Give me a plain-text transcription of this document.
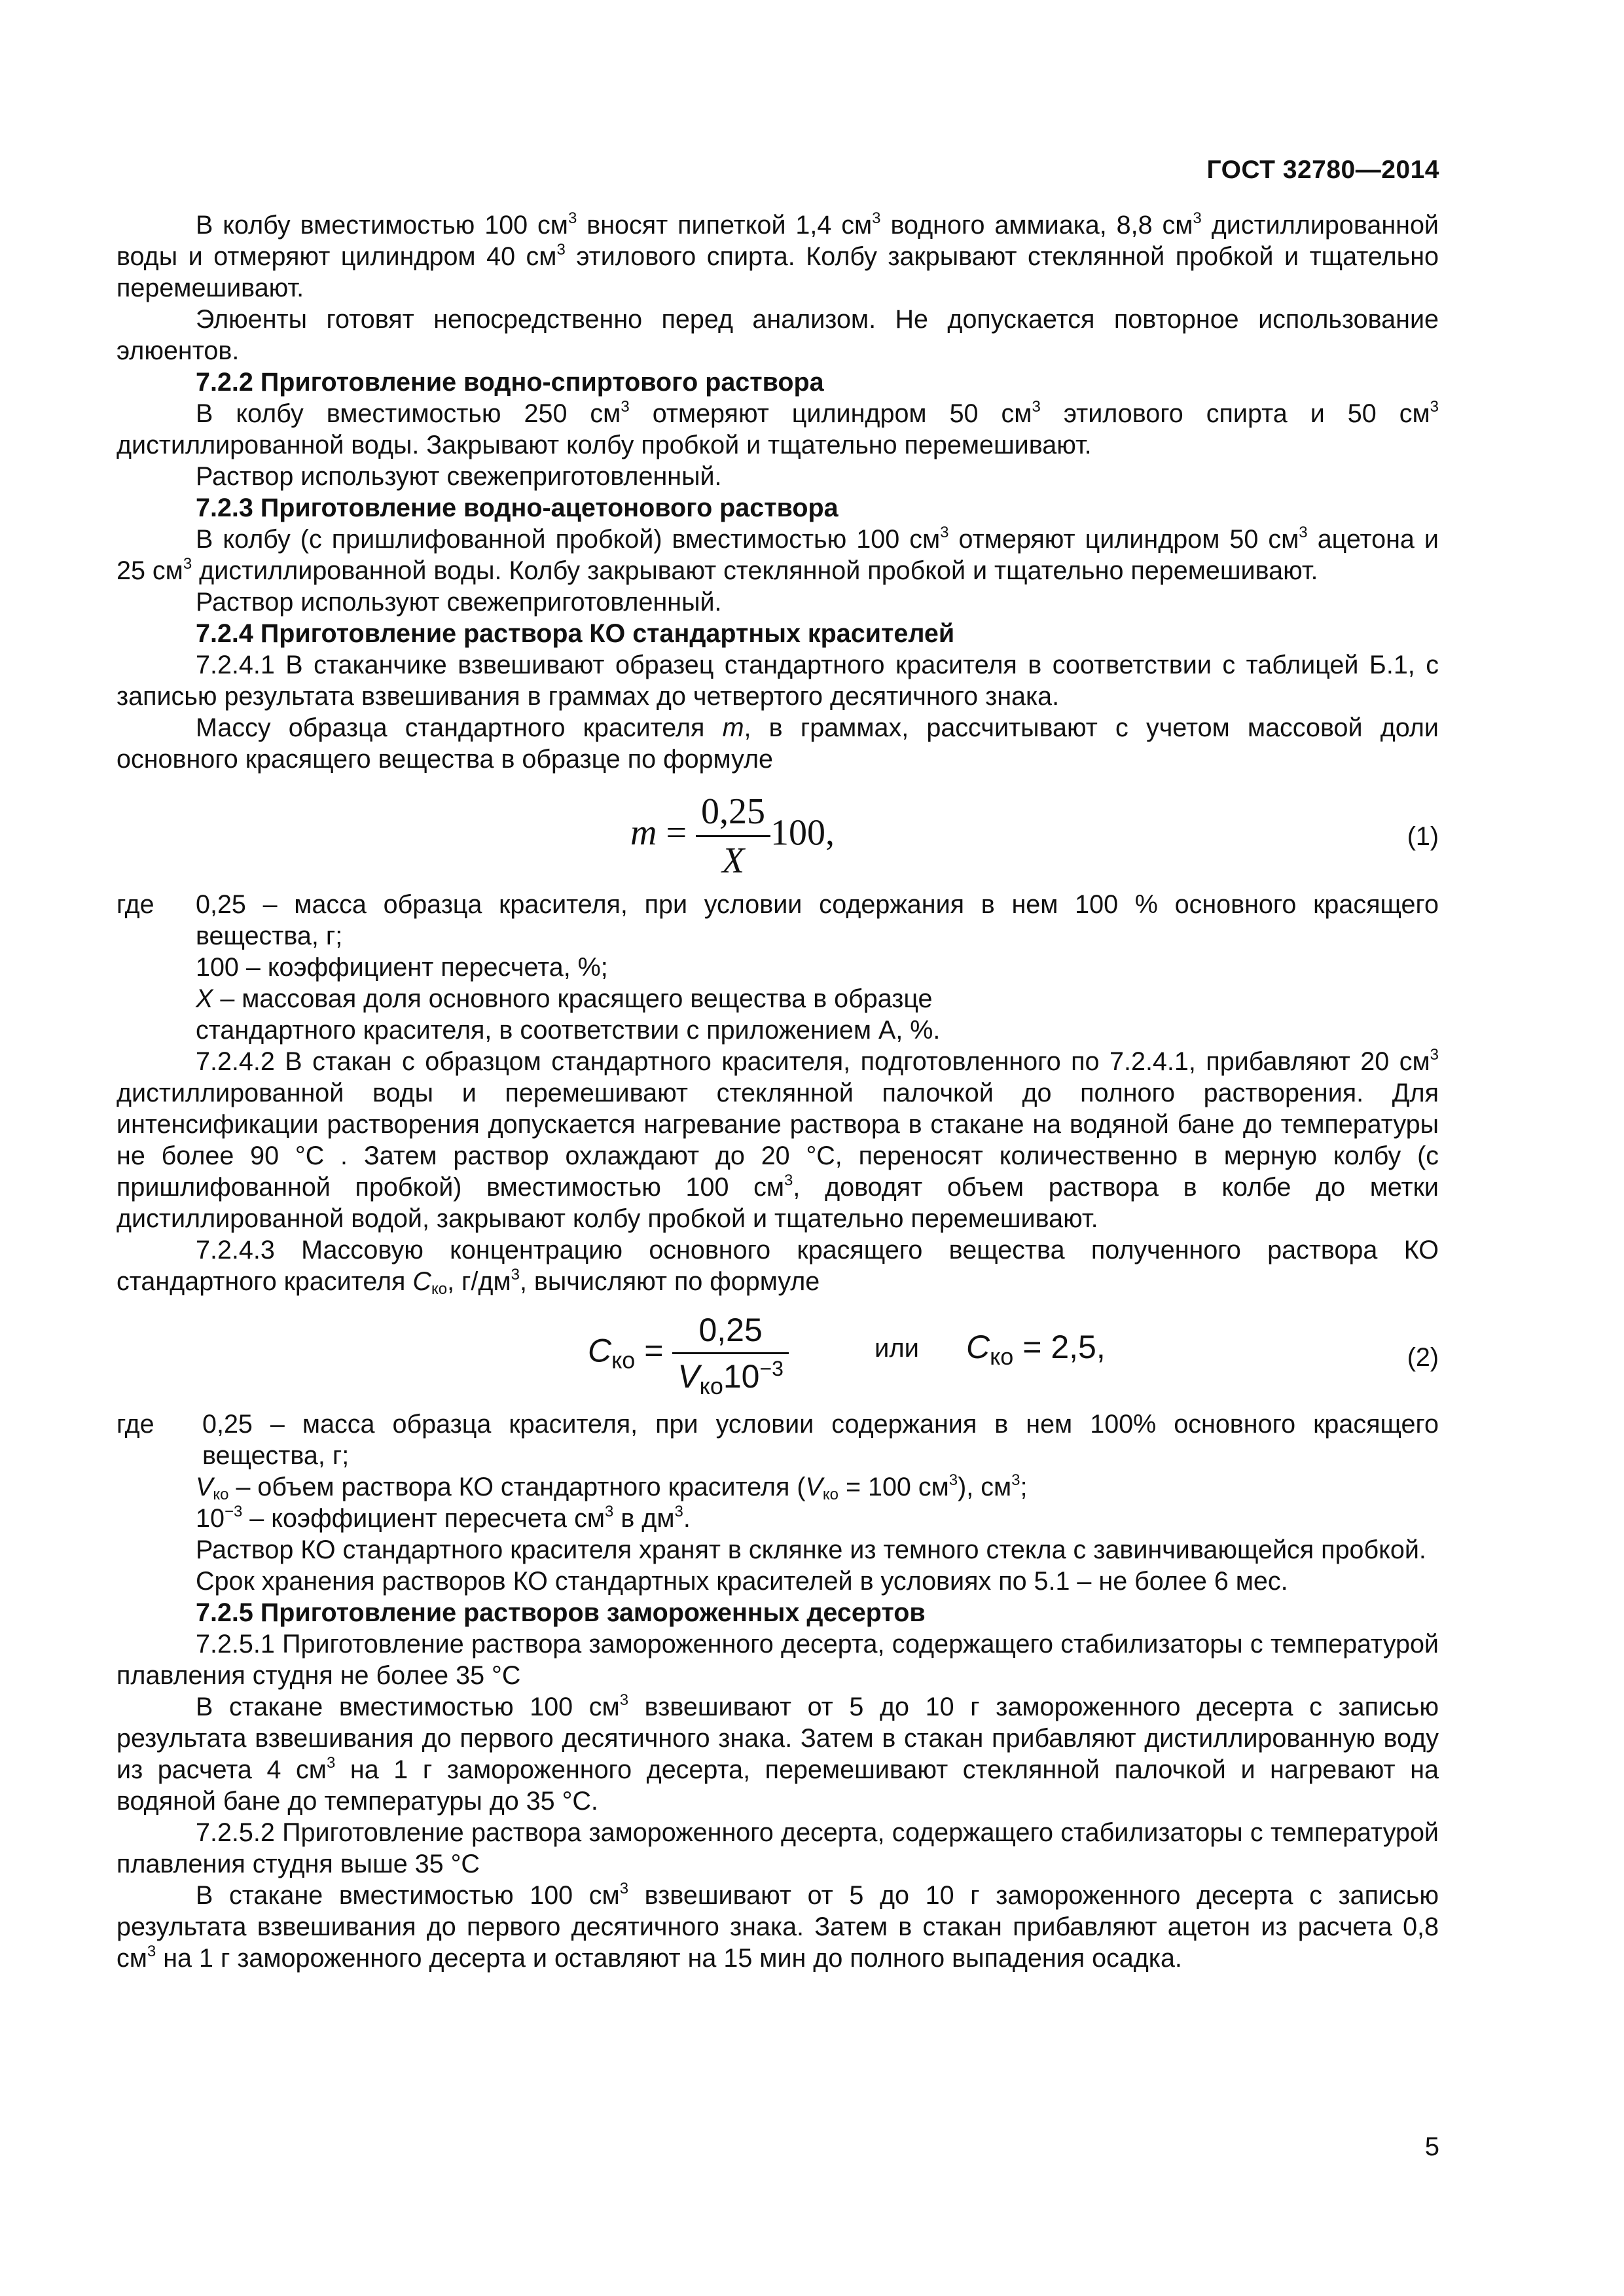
ГОСТ 32780—2014

В колбу вместимостью 100 $см^3$ вносят пипеткой 1,4 $см^3$ водного аммиака, 8,8 $см^3$ дистиллированной воды и отмеряют цилиндром 40 $см^3$ этилового спирта. Колбу закрывают стеклянной пробкой и тщательно перемешивают.

Элюенты готовят непосредственно перед анализом. Не допускается повторное использование элюентов.

7.2.2 Приготовление водно-спиртового раствора

В колбу вместимостью 250 $см^3$ отмеряют цилиндром 50 $см^3$ этилового спирта и 50 $см^3$ дистиллированной воды. Закрывают колбу пробкой и тщательно перемешивают.

Раствор используют свежеприготовленный.

7.2.3 Приготовление водно-ацетонового раствора

В колбу (с пришлифованной пробкой) вместимостью 100 $см^3$ отмеряют цилиндром 50 $см^3$ ацетона и 25 $см^3$ дистиллированной воды. Колбу закрывают стеклянной пробкой и тщательно перемешивают.

Раствор используют свежеприготовленный.

7.2.4 Приготовление раствора КО стандартных красителей

7.2.4.1 В стаканчике взвешивают образец стандартного красителя в соответствии с таблицей Б.1, с записью результата взвешивания в граммах до четвертого десятичного знака.

Массу образца стандартного красителя m, в граммах, рассчитывают с учетом массовой доли основного красящего вещества в образце по формуле

$m = \frac{0,25}{X} 100$,	(1)
где	0,25 – масса образца красителя, при условии содержания в нем 100 % основного красящего вещества, г;

100 – коэффициент пересчета, %;

X – массовая доля основного красящего вещества в образце

стандартного красителя, в соответствии с приложением А, %.

7.2.4.2 В стакан с образцом стандартного красителя, подготовленного по 7.2.4.1, прибавляют 20 $см^3$ дистиллированной воды и перемешивают стеклянной палочкой до полного растворения. Для интенсификации растворения допускается нагревание раствора в стакане на водяной бане до температуры не более 90 °С . Затем раствор охлаждают до 20 °С, переносят количественно в мерную колбу (с пришлифованной пробкой) вместимостью 100 $см^3$, доводят объем раствора в колбе до метки дистиллированной водой, закрывают колбу пробкой и тщательно перемешивают.

7.2.4.3 Массовую концентрацию основного красящего вещества полученного раствора КО стандартного красителя $С_{ко}$, $г/дм^3$, вычисляют по формуле

$С_{ко} = \frac{0,25}{V_{ко}10^{-3}}$	или $С_{ко} = 2,5$,	(2)
где	0,25 – масса образца красителя, при условии содержания в нем 100% основного красящего вещества, г;

$V_{ко}$ – объем раствора КО стандартного красителя ($V_{ко} = 100$ $см^3$), $см^3$;

$10^{-3}$ – коэффициент пересчета $см^3$ в $дм^3$.

Раствор КО стандартного красителя хранят в склянке из темного стекла с завинчивающейся пробкой.

Срок хранения растворов КО стандартных красителей в условиях по 5.1 – не более 6 мес.

7.2.5 Приготовление растворов замороженных десертов

7.2.5.1 Приготовление раствора замороженного десерта, содержащего стабилизаторы с температурой плавления студня не более 35 °С

В стакане вместимостью 100 $см^3$ взвешивают от 5 до 10 г замороженного десерта с записью результата взвешивания до первого десятичного знака. Затем в стакан прибавляют дистиллированную воду из расчета 4 $см^3$ на 1 г замороженного десерта, перемешивают стеклянной палочкой и нагревают на водяной бане до температуры до 35 °С.

7.2.5.2 Приготовление раствора замороженного десерта, содержащего стабилизаторы с температурой плавления студня выше 35 °С

В стакане вместимостью 100 $см^3$ взвешивают от 5 до 10 г замороженного десерта с записью результата взвешивания до первого десятичного знака. Затем в стакан прибавляют ацетон из расчета 0,8 $см^3$ на 1 г замороженного десерта и оставляют на 15 мин до полного выпадения осадка.

5
